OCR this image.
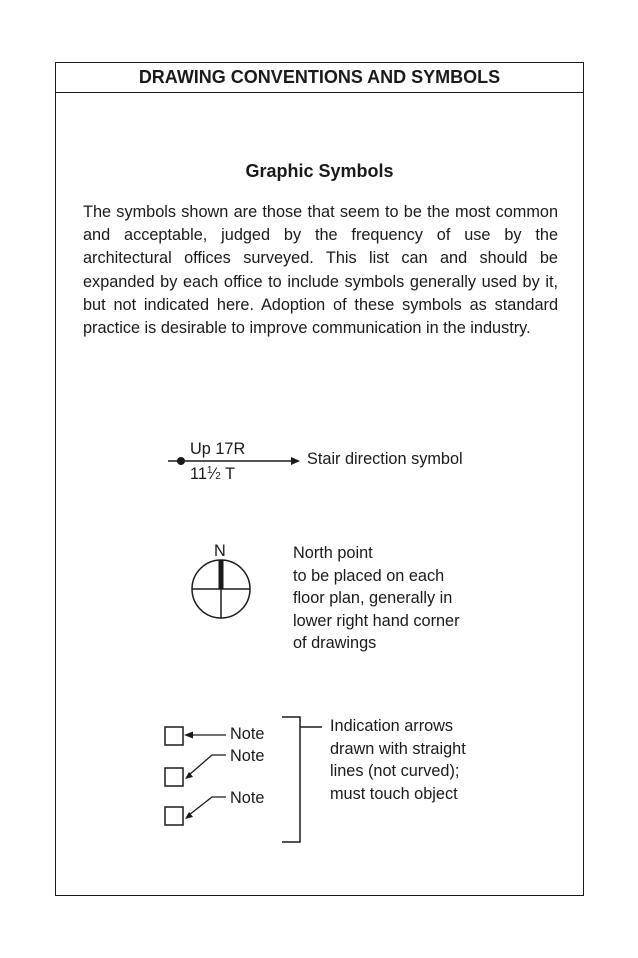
DRAWING CONVENTIONS AND SYMBOLS
Graphic Symbols

The symbols shown are those that seem to be the most common and acceptable, judged by the frequency of use by the architectural offices surveyed. This list can and should be expanded by each office to include symbols generally used by it, but not indicated here. Adoption of these symbols as standard practice is desirable to improve communication in the industry.

Up 17R
$11^1⁄2$ T
Stair direction symbol
N	North point

to be placed on each

floor plan, generally in

lower right hand corner

of drawings

Note
Note
Note

Indication arrows

drawn with straight

lines (not curved);

must touch object
